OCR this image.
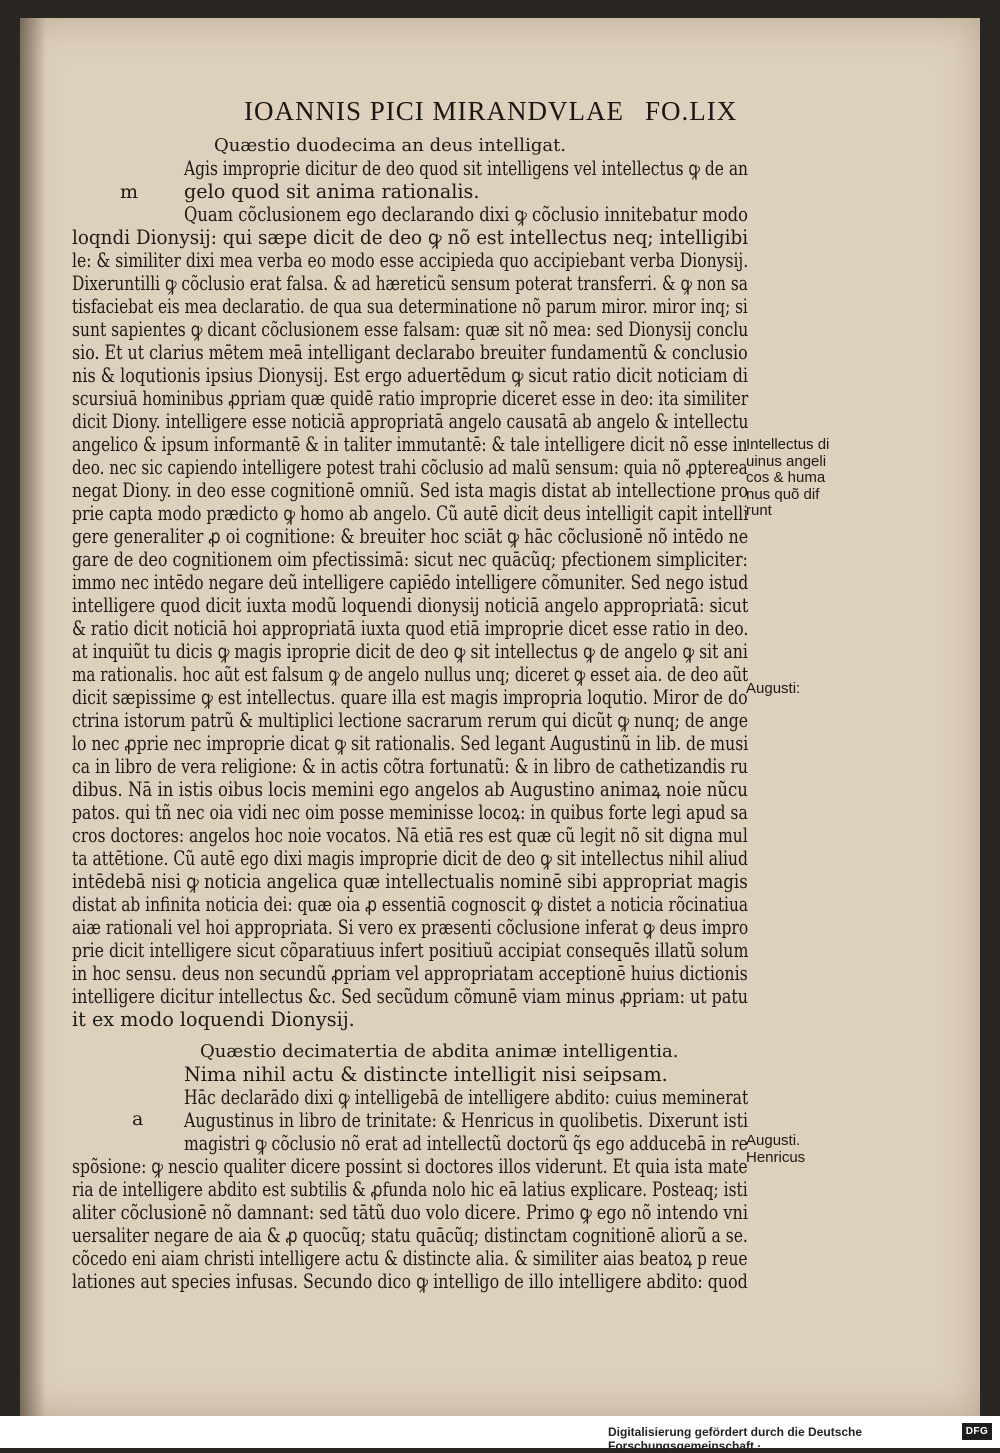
IOANNIS PICI MIRANDVLAE FO.LIX
Quæstio duodecima an deus intelligat.
Agis improprie dicitur de deo quod sit intelligens vel intellectus ꝙ de an
gelo quod sit anima rationalis.
Quam cõclusionem ego declarando dixi ꝙ cõclusio innitebatur modo
loqndi Dionysij: qui sæpe dicit de deo ꝙ nõ est intellectus neq; intelligibi
le: & similiter dixi mea verba eo modo esse accipieda quo accipiebant verba Dionysij.
Dixeruntilli ꝙ cõclusio erat falsa. & ad hæreticũ sensum poterat transferri. & ꝙ non sa
tisfaciebat eis mea declaratio. de qua sua determinatione nõ parum miror. miror inq; si
sunt sapientes ꝙ dicant cõclusionem esse falsam: quæ sit nõ mea: sed Dionysij conclu
sio. Et ut clarius mētem meā intelligant declarabo breuiter fundamentũ & conclusio
nis & loqutionis ipsius Dionysij. Est ergo aduertēdum ꝙ sicut ratio dicit noticiam di
scursiuā hominibus ꝓpriam quæ quidē ratio improprie diceret esse in deo: ita similiter
dicit Diony. intelligere esse noticiā appropriatā angelo causatā ab angelo & intellectu
angelico & ipsum informantē & in taliter immutantē: & tale intelligere dicit nõ esse in
deo. nec sic capiendo intelligere potest trahi cõclusio ad malũ sensum: quia nõ ꝓpterea
negat Diony. in deo esse cognitionē omniũ. Sed ista magis distat ab intellectione pro
prie capta modo prædicto ꝙ homo ab angelo. Cũ autē dicit deus intelligit capit intelli
gere generaliter ꝓ oi cognitione: & breuiter hoc sciāt ꝙ hāc cõclusionē nõ intēdo ne
gare de deo cognitionem oim pfectissimā: sicut nec quācũq; pfectionem simpliciter:
immo nec intēdo negare deũ intelligere capiēdo intelligere cõmuniter. Sed nego istud
intelligere quod dicit iuxta modũ loquendi dionysij noticiā angelo appropriatā: sicut
& ratio dicit noticiā hoi appropriatā iuxta quod etiā improprie dicet esse ratio in deo.
at inquiũt tu dicis ꝙ magis iproprie dicit de deo ꝙ sit intellectus ꝙ de angelo ꝙ sit ani
ma rationalis. hoc aũt est falsum ꝙ de angelo nullus unq; diceret ꝙ esset aia. de deo aũt
dicit sæpissime ꝙ est intellectus. quare illa est magis impropria loqutio. Miror de do
ctrina istorum patrũ & multiplici lectione sacrarum rerum qui dicũt ꝙ nunq; de ange
lo nec ꝓprie nec improprie dicat ꝙ sit rationalis. Sed legant Augustinũ in lib. de musi
ca in libro de vera religione: & in actis cõtra fortunatũ: & in libro de cathetizandis ru
dibus. Nā in istis oibus locis memini ego angelos ab Augustino animaꝝ noie nũcu
patos. qui tñ nec oia vidi nec oim posse meminisse locoꝝ: in quibus forte legi apud sa
cros doctores: angelos hoc noie vocatos. Nā etiā res est quæ cũ legit nõ sit digna mul
ta attētione. Cũ autē ego dixi magis improprie dicit de deo ꝙ sit intellectus nihil aliud
intēdebā nisi ꝙ noticia angelica quæ intellectualis nominē sibi appropriat magis
distat ab infinita noticia dei: quæ oia ꝓ essentiā cognoscit ꝙ distet a noticia rõcinatiua
aiæ rationali vel hoi appropriata. Si vero ex præsenti cõclusione inferat ꝙ deus impro
prie dicit intelligere sicut cõparatiuus infert positiuũ accipiat consequēs illatũ solum
in hoc sensu. deus non secundũ ꝓpriam vel appropriatam acceptionē huius dictionis
intelligere dicitur intellectus &c. Sed secũdum cõmunē viam minus ꝓpriam: ut patu
it ex modo loquendi Dionysij.
Quæstio decimatertia de abdita animæ intelligentia.
Nima nihil actu & distincte intelligit nisi seipsam.
Hāc declarādo dixi ꝙ intelligebā de intelligere abdito: cuius meminerat
Augustinus in libro de trinitate: & Henricus in quolibetis. Dixerunt isti
magistri ꝙ cõclusio nõ erat ad intellectũ doctorũ q̃s ego adducebā in re
spõsione: ꝙ nescio qualiter dicere possint si doctores illos viderunt. Et quia ista mate
ria de intelligere abdito est subtilis & ꝓfunda nolo hic eā latius explicare. Posteaq; isti
aliter cõclusionē nõ damnant: sed tātũ duo volo dicere. Primo ꝙ ego nõ intendo vni
uersaliter negare de aia & ꝓ quocũq; statu quācũq; distinctam cognitionē aliorũ a se.
cõcedo eni aiam christi intelligere actu & distincte alia. & similiter aias beatoꝝ p reue
lationes aut species infusas. Secundo dico ꝙ intelligo de illo intelligere abdito: quod
m
a
Intellectus di
uinus angeli
cos & huma
nus quõ dif
runt
Augusti:
Augusti.
Henricus
Digitalisierung gefördert durch die Deutsche Forschungsgemeinschaft ·
DFG
